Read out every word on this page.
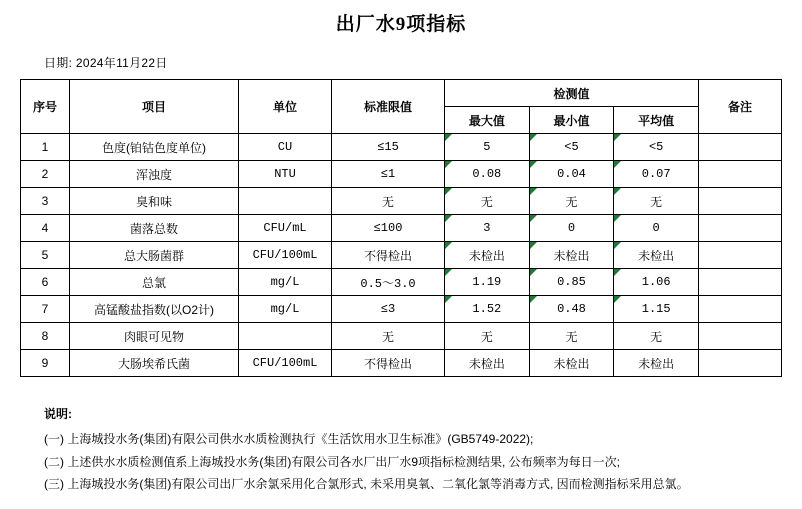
出厂水9项指标
日期: 2024年11月22日
序号	项目	单位	标准限值	检测值			备注
				最大值	最小值	平均值	
1	色度(铂钴色度单位)	CU	≤15	5	<5	<5	
2	浑浊度	NTU	≤1	0.08	0.04	0.07	
3	臭和味		无	无	无	无	
4	菌落总数	CFU/mL	≤100	3	0	0	
5	总大肠菌群	CFU/100mL	不得检出	未检出	未检出	未检出	
6	总氯	mg/L	0.5～3.0	1.19	0.85	1.06	
7	高锰酸盐指数(以O2计)	mg/L	≤3	1.52	0.48	1.15	
8	肉眼可见物		无	无	无	无	
9	大肠埃希氏菌	CFU/100mL	不得检出	未检出	未检出	未检出	
说明:
(一) 上海城投水务(集团)有限公司供水水质检测执行《生活饮用水卫生标准》(GB5749-2022);
(二) 上述供水水质检测值系上海城投水务(集团)有限公司各水厂出厂水9项指标检测结果, 公布频率为每日一次;
(三) 上海城投水务(集团)有限公司出厂水余氯采用化合氯形式, 未采用臭氧、二氧化氯等消毒方式, 因而检测指标采用总氯。
